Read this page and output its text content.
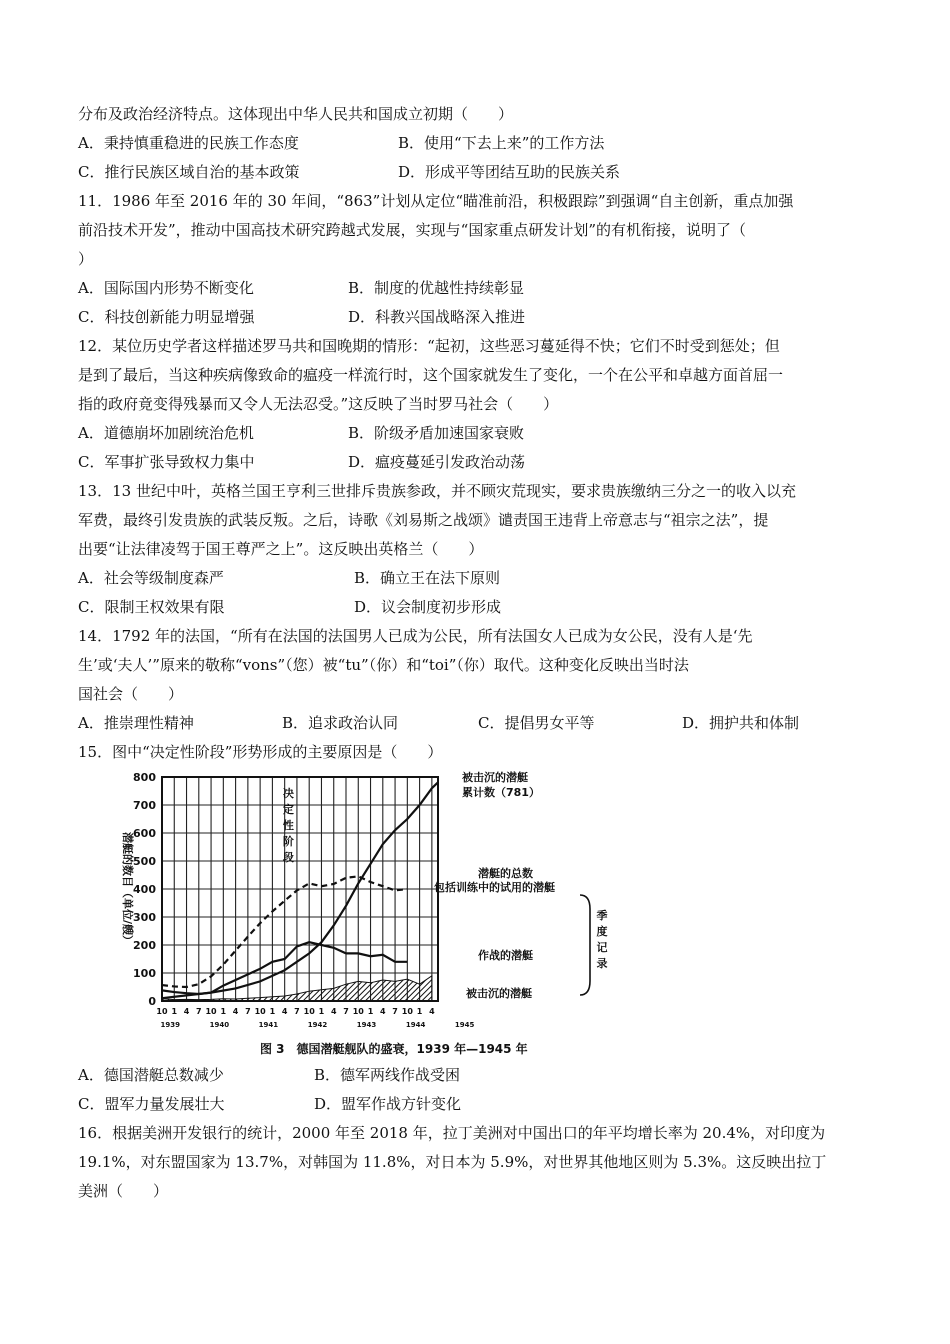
分布及政治经济特点。这体现出中华人民共和国成立初期（　　）
A．秉持慎重稳进的民族工作态度	B．使用“下去上来”的工作方法
C．推行民族区域自治的基本政策	D．形成平等团结互助的民族关系
11．1986 年至 2016 年的 30 年间，“863”计划从定位“瞄准前沿，积极跟踪”到强调“自主创新，重点加强
前沿技术开发”，推动中国高技术研究跨越式发展，实现与“国家重点研发计划”的有机衔接，说明了（
）
A．国际国内形势不断变化	B．制度的优越性持续彰显
C．科技创新能力明显增强	D．科教兴国战略深入推进
12．某位历史学者这样描述罗马共和国晚期的情形：“起初，这些恶习蔓延得不快；它们不时受到惩处；但
是到了最后，当这种疾病像致命的瘟疫一样流行时，这个国家就发生了变化，一个在公平和卓越方面首屈一
指的政府竟变得残暴而又令人无法忍受。”这反映了当时罗马社会（　　）
A．道德崩坏加剧统治危机	B．阶级矛盾加速国家衰败
C．军事扩张导致权力集中	D．瘟疫蔓延引发政治动荡
13．13 世纪中叶，英格兰国王亨利三世排斥贵族参政，并不顾灾荒现实，要求贵族缴纳三分之一的收入以充
军费，最终引发贵族的武装反叛。之后，诗歌《刘易斯之战颂》谴责国王违背上帝意志与“祖宗之法”，提
出要“让法律凌驾于国王尊严之上”。这反映出英格兰（　　）
A．社会等级制度森严	B．确立王在法下原则
C．限制王权效果有限	D．议会制度初步形成
14．1792 年的法国，“所有在法国的法国男人已成为公民，所有法国女人已成为女公民，没有人是‘先
生’或‘夫人’”原来的敬称“vons”（您）被“tu”（你）和“toi”（你）取代。这种变化反映出当时法
国社会（　　）
A．推崇理性精神	B．追求政治认同	C．提倡男女平等	D．拥护共和体制
15．图中“决定性阶段”形势形成的主要原因是（　　）
0
100
200
300
400
500
600
700
800
潜艇的数目（单位/艘）
决
定
性
阶
段
10 1 4 7 10 1 4 7 10 1 4 7 10 1 4 7 10 1 4 7 10 1 4
1939	1940	1941	1942	1943	1944	1945
被击沉的潜艇
累计数（781）
潜艇的总数
包括训练中的试用的潜艇
作战的潜艇
被击沉的潜艇
季
度
记
录
图 3　德国潜艇舰队的盛衰，1939 年—1945 年
A．德国潜艇总数减少	B．德军两线作战受困
C．盟军力量发展壮大	D．盟军作战方针变化
16．根据美洲开发银行的统计，2000 年至 2018 年，拉丁美洲对中国出口的年平均增长率为 20.4%，对印度为
19.1%，对东盟国家为 13.7%，对韩国为 11.8%，对日本为 5.9%，对世界其他地区则为 5.3%。这反映出拉丁
美洲（　　）
